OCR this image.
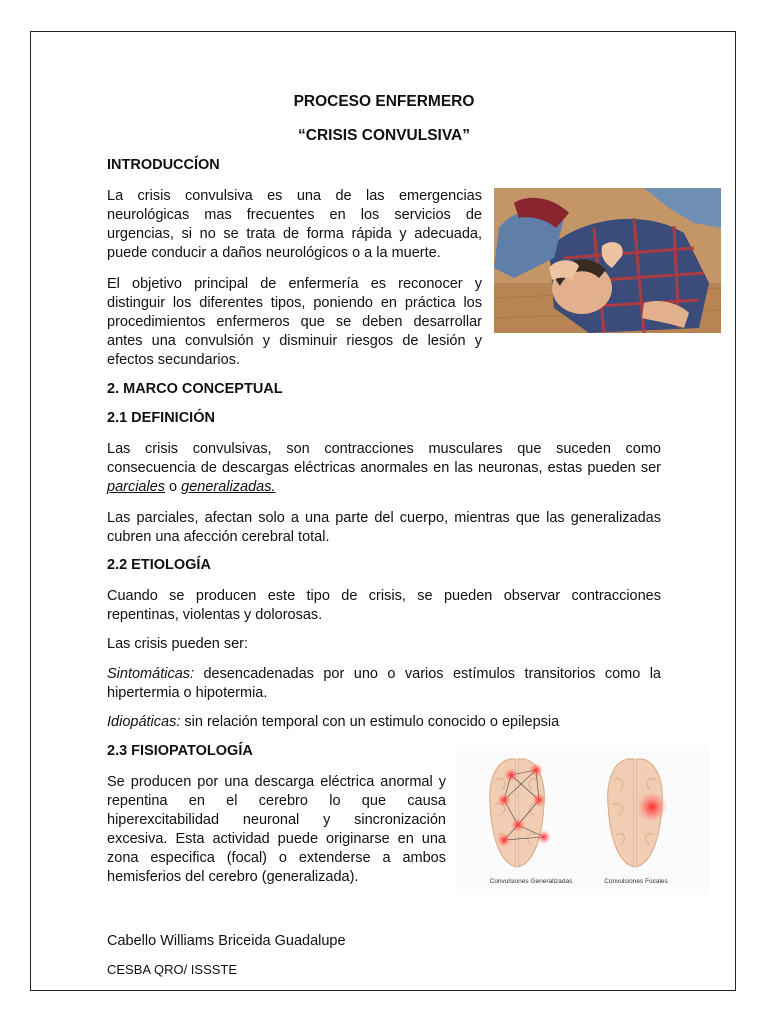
PROCESO ENFERMERO
“CRISIS CONVULSIVA”
INTRODUCCÍON

La crisis convulsiva es una de las emergencias neurológicas mas frecuentes en los servicios de urgencias, si no se trata de forma rápida y adecuada, puede conducir a daños neurológicos o a la muerte.

El objetivo principal de enfermería es reconocer y distinguir los diferentes tipos, poniendo en práctica los procedimientos enfermeros que se deben desarrollar antes una convulsión y disminuir riesgos de lesión y efectos secundarios.

2. MARCO CONCEPTUAL
2.1 DEFINICIÓN

Las crisis convulsivas, son contracciones musculares que suceden como consecuencia de descargas eléctricas anormales en las neuronas, estas pueden ser parciales o generalizadas.

Las parciales, afectan solo a una parte del cuerpo, mientras que las generalizadas cubren una afección cerebral total.

2.2 ETIOLOGÍA

Cuando se producen este tipo de crisis, se pueden observar contracciones repentinas, violentas y dolorosas.

Las crisis pueden ser:

Sintomáticas: desencadenadas por uno o varios estímulos transitorios como la hipertermia o hipotermia.

Idiopáticas: sin relación temporal con un estimulo conocido o epilepsia
2.3 FISIOPATOLOGÍA

Se producen por una descarga eléctrica anormal y repentina en el cerebro lo que causa hiperexcitabilidad neuronal y sincronización excesiva. Esta actividad puede originarse en una zona especifica (focal) o extenderse a ambos hemisferios del cerebro (generalizada).	Convulsiones Generalizadas	Convulsiones Focales
Cabello Williams Briceida Guadalupe
CESBA QRO/ ISSSTE
